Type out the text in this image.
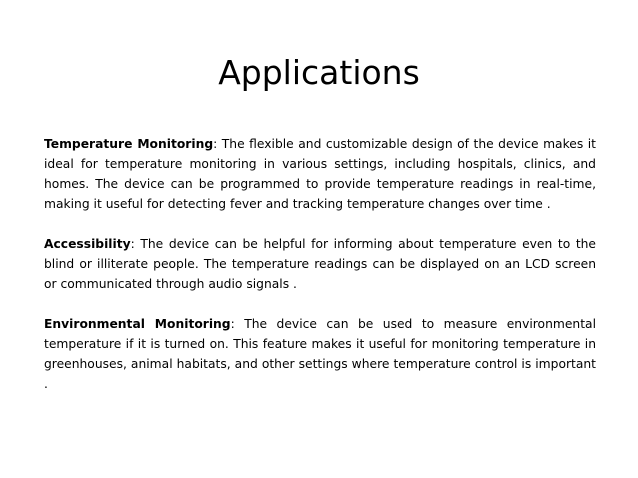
Applications

Temperature Monitoring: The flexible and customizable design of the device makes it ideal for temperature monitoring in various settings, including hospitals, clinics, and homes. The device can be programmed to provide temperature readings in real-time, making it useful for detecting fever and tracking temperature changes over time .

Accessibility: The device can be helpful for informing about temperature even to the blind or illiterate people. The temperature readings can be displayed on an LCD screen or communicated through audio signals .

Environmental Monitoring: The device can be used to measure environmental temperature if it is turned on. This feature makes it useful for monitoring temperature in greenhouses, animal habitats, and other settings where temperature control is important .
